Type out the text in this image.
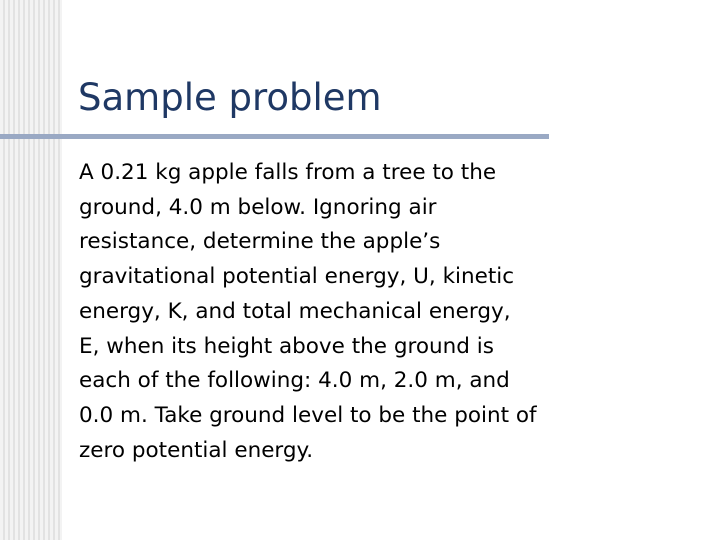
Sample problem
A 0.21 kg apple falls from a tree to the
ground, 4.0 m below. Ignoring air
resistance, determine the apple’s
gravitational potential energy, U, kinetic
energy, K, and total mechanical energy,
E, when its height above the ground is
each of the following: 4.0 m, 2.0 m, and
0.0 m. Take ground level to be the point of
zero potential energy.
